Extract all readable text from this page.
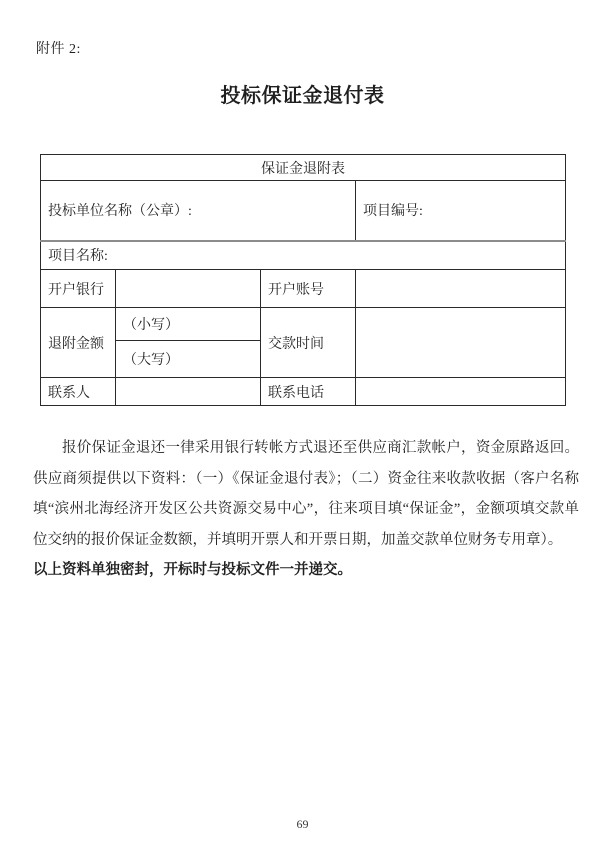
附件 2:
投标保证金退付表
保证金退附表			
投标单位名称（公章）:			项目编号:
项目名称:			
开户银行		开户账号	
退附金额	（小写）	交款时间	
	（大写）		
联系人		联系电话	

报价保证金退还一律采用银行转帐方式退还至供应商汇款帐户，资金原路返回。供应商须提供以下资料：（一）《保证金退付表》；（二）资金往来收款收据（客户名称填“滨州北海经济开发区公共资源交易中心”，往来项目填“保证金”，金额项填交款单位交纳的报价保证金数额，并填明开票人和开票日期，加盖交款单位财务专用章）。

以上资料单独密封，开标时与投标文件一并递交。

69
